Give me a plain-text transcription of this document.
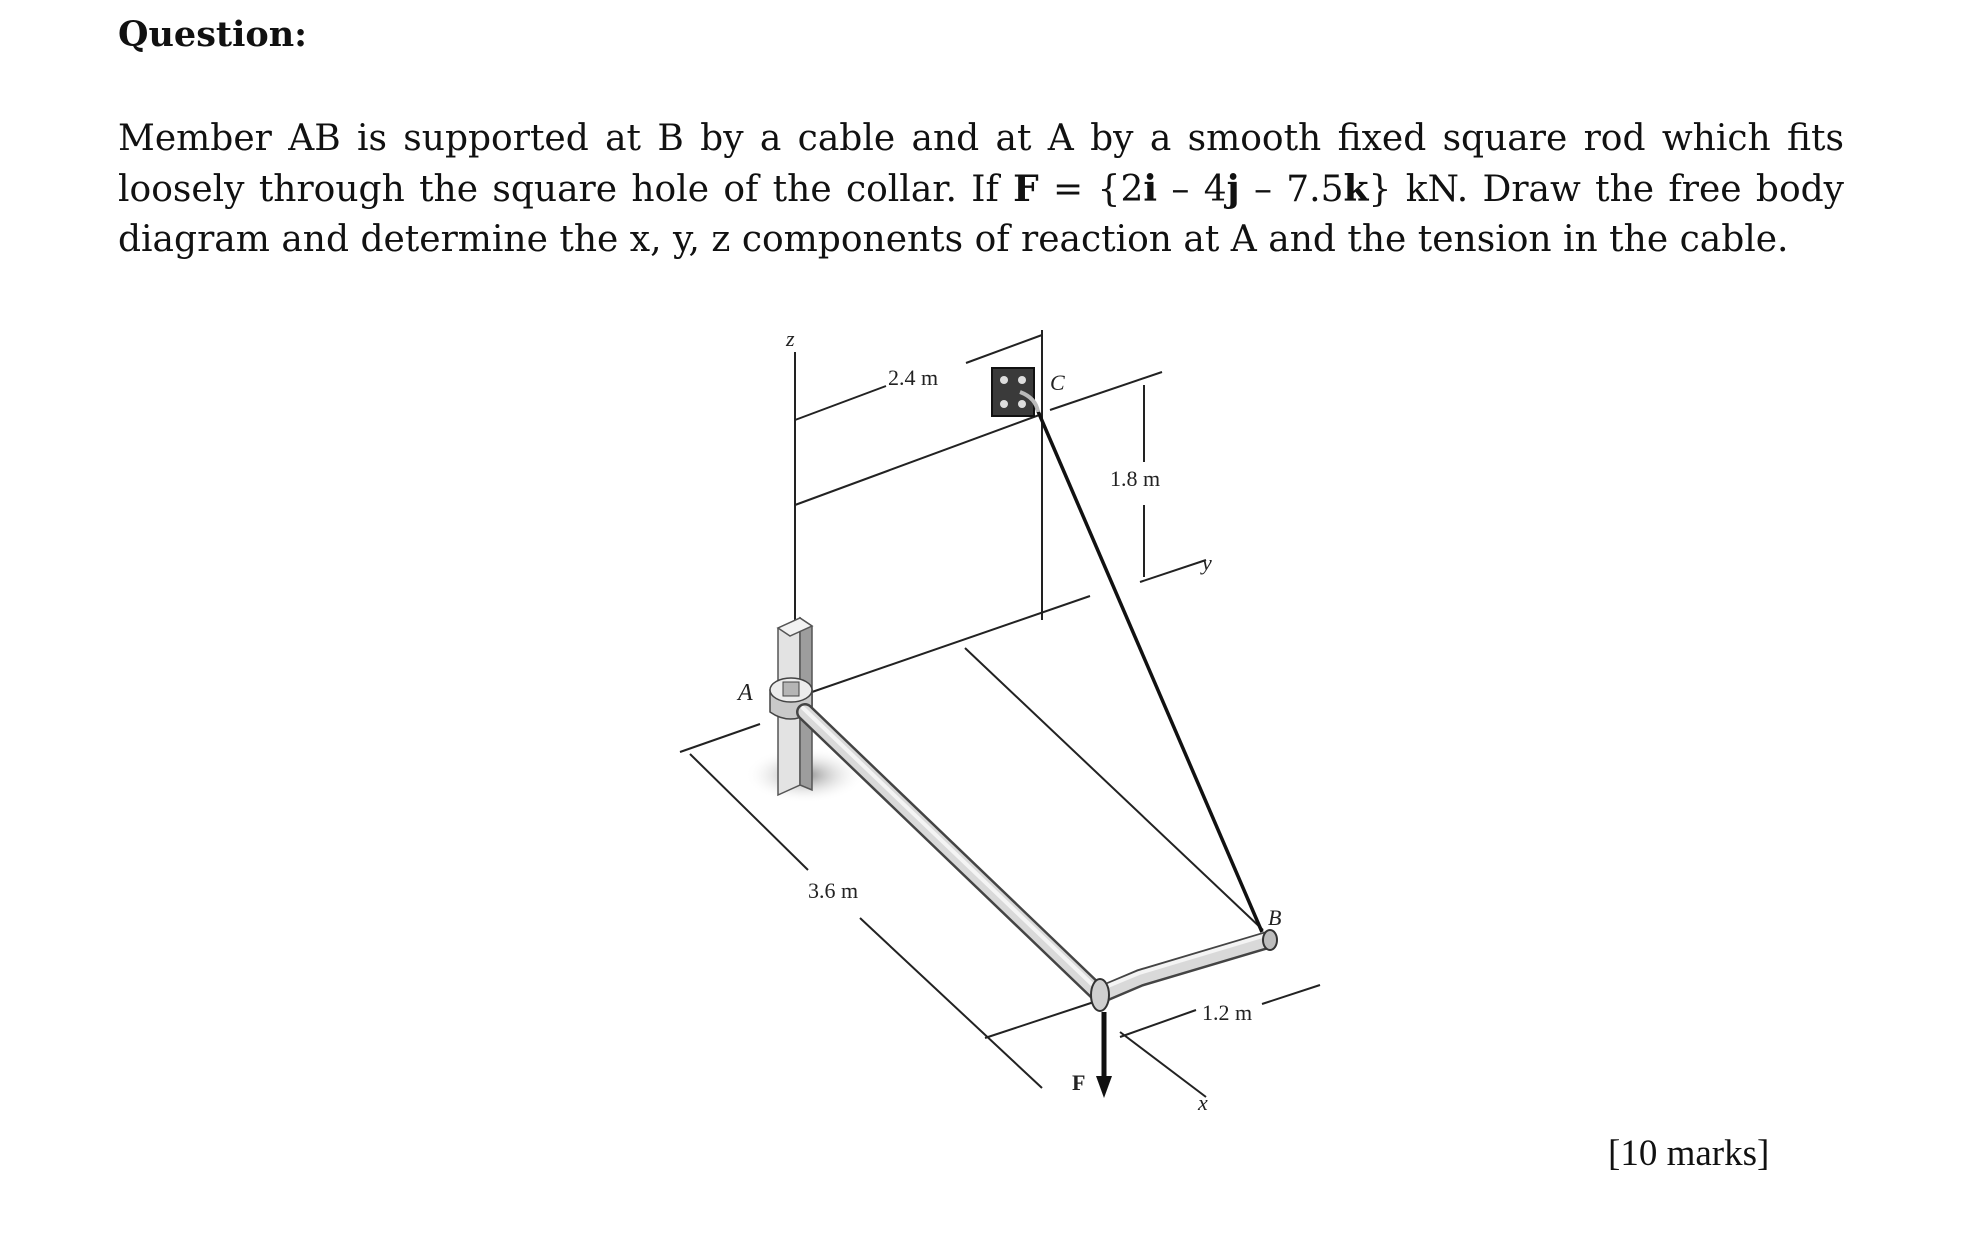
Question:

Member AB is supported at B by a cable and at A by a smooth fixed square rod which fits loosely through the square hole of the collar. If F = {2i – 4j – 7.5k} kN. Draw the free body diagram and determine the x, y, z components of reaction at A and the tension in the cable.

z
y
x
A
B
C
F
2.4 m
1.8 m
3.6 m
1.2 m
[10 marks]
